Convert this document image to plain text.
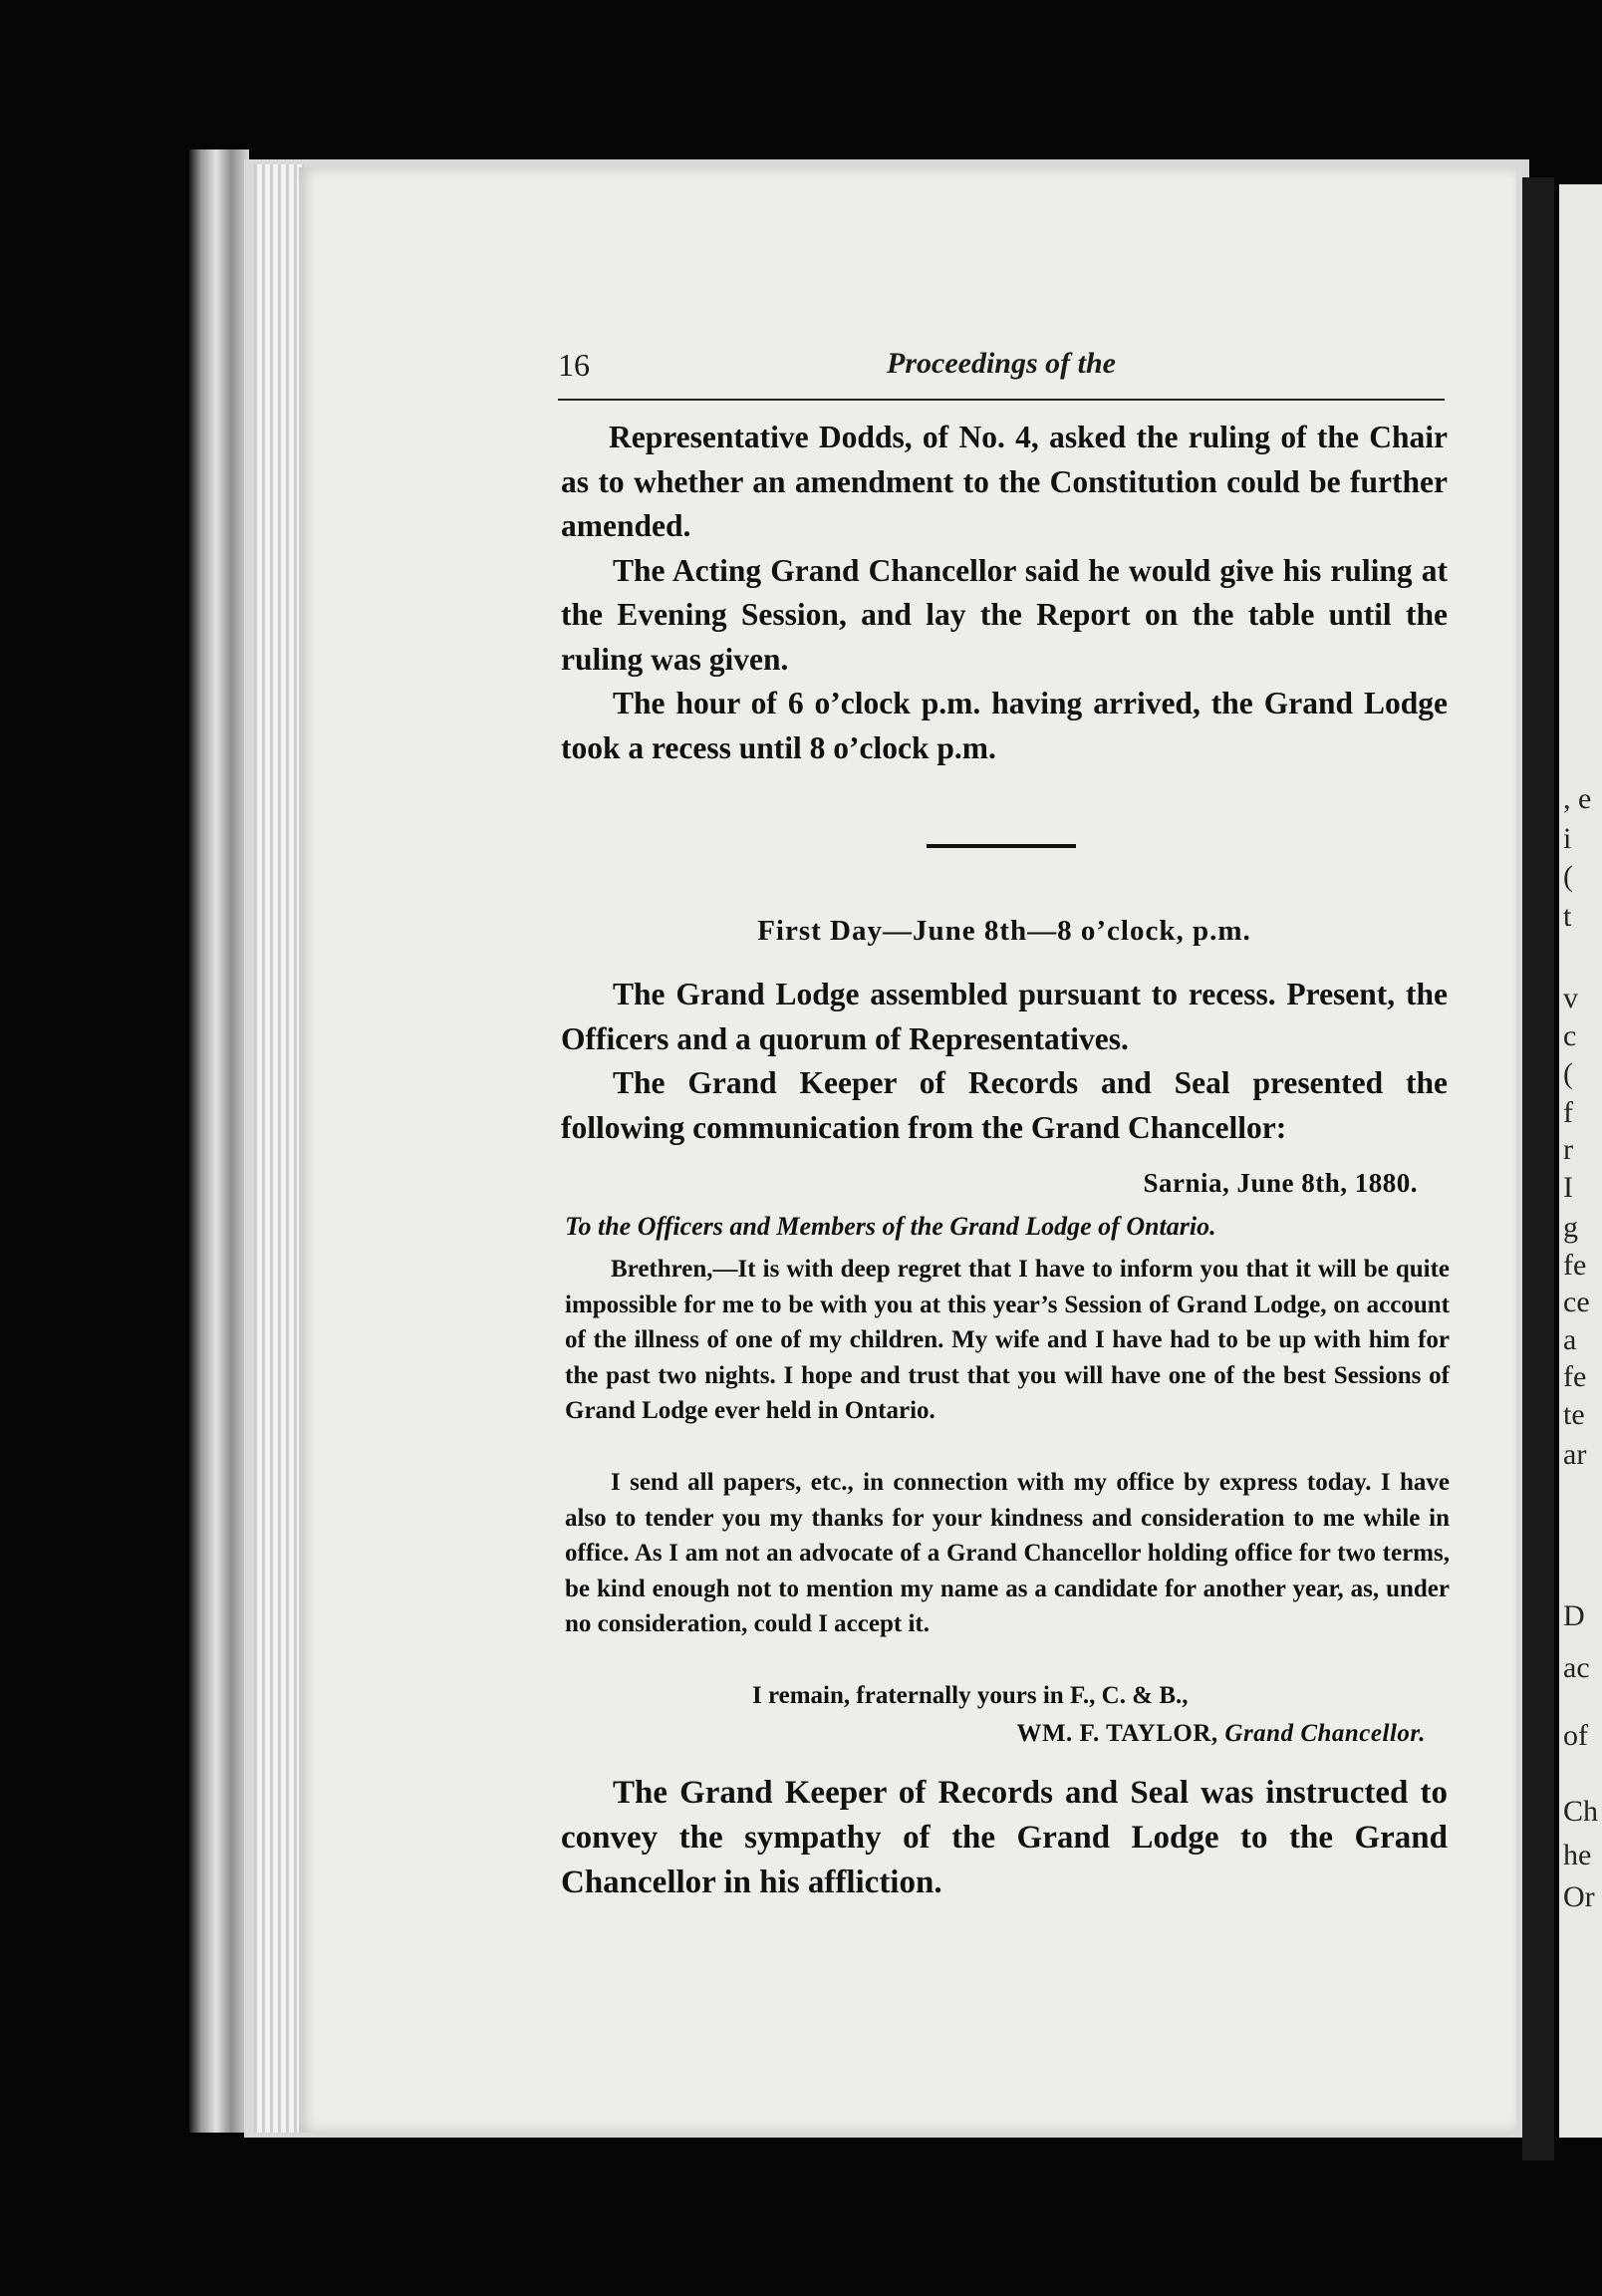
, e
i
(
t
v
c
(
f
r
I
g
fe
ce
a
fe
te
ar
D
ac
of
Ch
he
Or
16	Proceedings of the

Representative Dodds, of No. 4, asked the ruling of the Chair as to whether an amendment to the Constitution could be further amended.

The Acting Grand Chancellor said he would give his ruling at the Evening Session, and lay the Report on the table until the ruling was given.

The hour of 6 o’clock p.m. having arrived, the Grand Lodge took a recess until 8 o’clock p.m.

First Day—June 8th—8 o’clock, p.m.

The Grand Lodge assembled pursuant to recess. Present, the Officers and a quorum of Representatives.

The Grand Keeper of Records and Seal presented the following communication from the Grand Chancellor:

Sarnia, June 8th, 1880.
To the Officers and Members of the Grand Lodge of Ontario.

Brethren,—It is with deep regret that I have to inform you that it will be quite impossible for me to be with you at this year’s Session of Grand Lodge, on account of the illness of one of my children. My wife and I have had to be up with him for the past two nights. I hope and trust that you will have one of the best Sessions of Grand Lodge ever held in Ontario.

I send all papers, etc., in connection with my office by express today. I have also to tender you my thanks for your kindness and consideration to me while in office. As I am not an advocate of a Grand Chancellor holding office for two terms, be kind enough not to mention my name as a candidate for another year, as, under no consideration, could I accept it.

I remain, fraternally yours in F., C. & B.,
WM. F. TAYLOR, Grand Chancellor.

The Grand Keeper of Records and Seal was instructed to convey the sympathy of the Grand Lodge to the Grand Chancellor in his affliction.
